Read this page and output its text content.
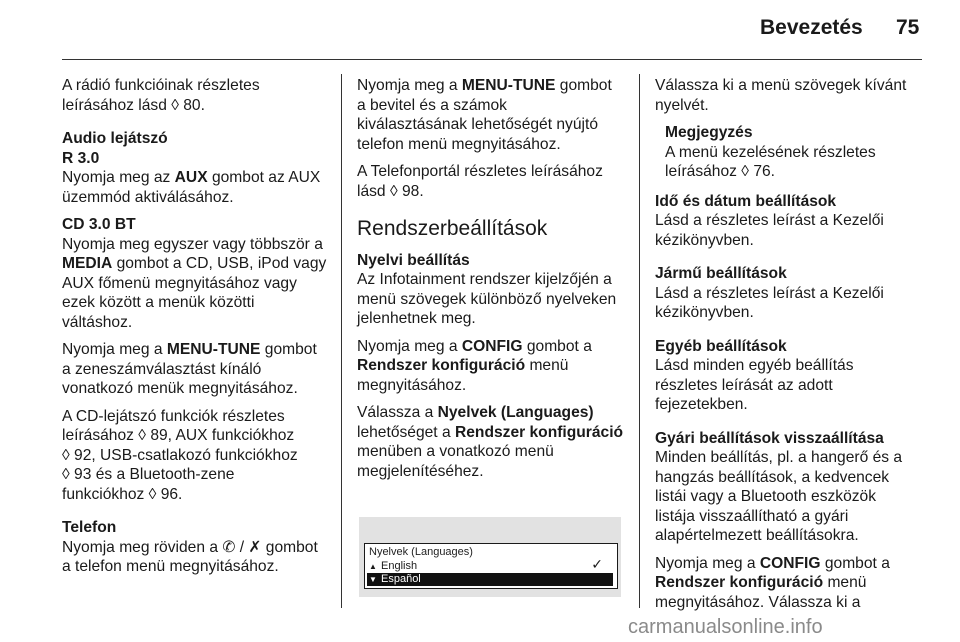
Bevezetés 75
A rádió funkcióinak részletes
leírásához lásd ◊ 80.
Audio lejátszó
R 3.0
Nyomja meg az AUX gombot az AUX
üzemmód aktiválásához.
CD 3.0 BT
Nyomja meg egyszer vagy többször a
MEDIA gombot a CD, USB, iPod vagy
AUX főmenü megnyitásához vagy
ezek között a menük közötti
váltáshoz.
Nyomja meg a MENU-TUNE gombot
a zeneszámválasztást kínáló
vonatkozó menük megnyitásához.
A CD-lejátszó funkciók részletes
leírásához ◊ 89, AUX funkciókhoz
◊ 92, USB-csatlakozó funkciókhoz
◊ 93 és a Bluetooth-zene
funkciókhoz ◊ 96.
Telefon
Nyomja meg röviden a ✆ / ✗ gombot
a telefon menü megnyitásához.
Nyomja meg a MENU-TUNE gombot
a bevitel és a számok
kiválasztásának lehetőségét nyújtó
telefon menü megnyitásához.
A Telefonportál részletes leírásához
lásd ◊ 98.
Rendszerbeállítások
Nyelvi beállítás
Az Infotainment rendszer kijelzőjén a
menü szövegek különböző nyelveken
jelenhetnek meg.
Nyomja meg a CONFIG gombot a
Rendszer konfiguráció menü
megnyitásához.
Válassza a Nyelvek (Languages)
lehetőséget a Rendszer konfiguráció
menüben a vonatkozó menü
megjelenítéséhez.
Nyelvek (Languages)
▲ English	✓
▼ Español
Válassza ki a menü szövegek kívánt
nyelvét.
Megjegyzés
A menü kezelésének részletes
leírásához ◊ 76.
Idő és dátum beállítások
Lásd a részletes leírást a Kezelői
kézikönyvben.
Jármű beállítások
Lásd a részletes leírást a Kezelői
kézikönyvben.
Egyéb beállítások
Lásd minden egyéb beállítás
részletes leírását az adott
fejezetekben.
Gyári beállítások visszaállítása
Minden beállítás, pl. a hangerő és a
hangzás beállítások, a kedvencek
listái vagy a Bluetooth eszközök
listája visszaállítható a gyári
alapértelmezett beállításokra.
Nyomja meg a CONFIG gombot a
Rendszer konfiguráció menü
megnyitásához. Válassza ki a
carmanualsonline.info
